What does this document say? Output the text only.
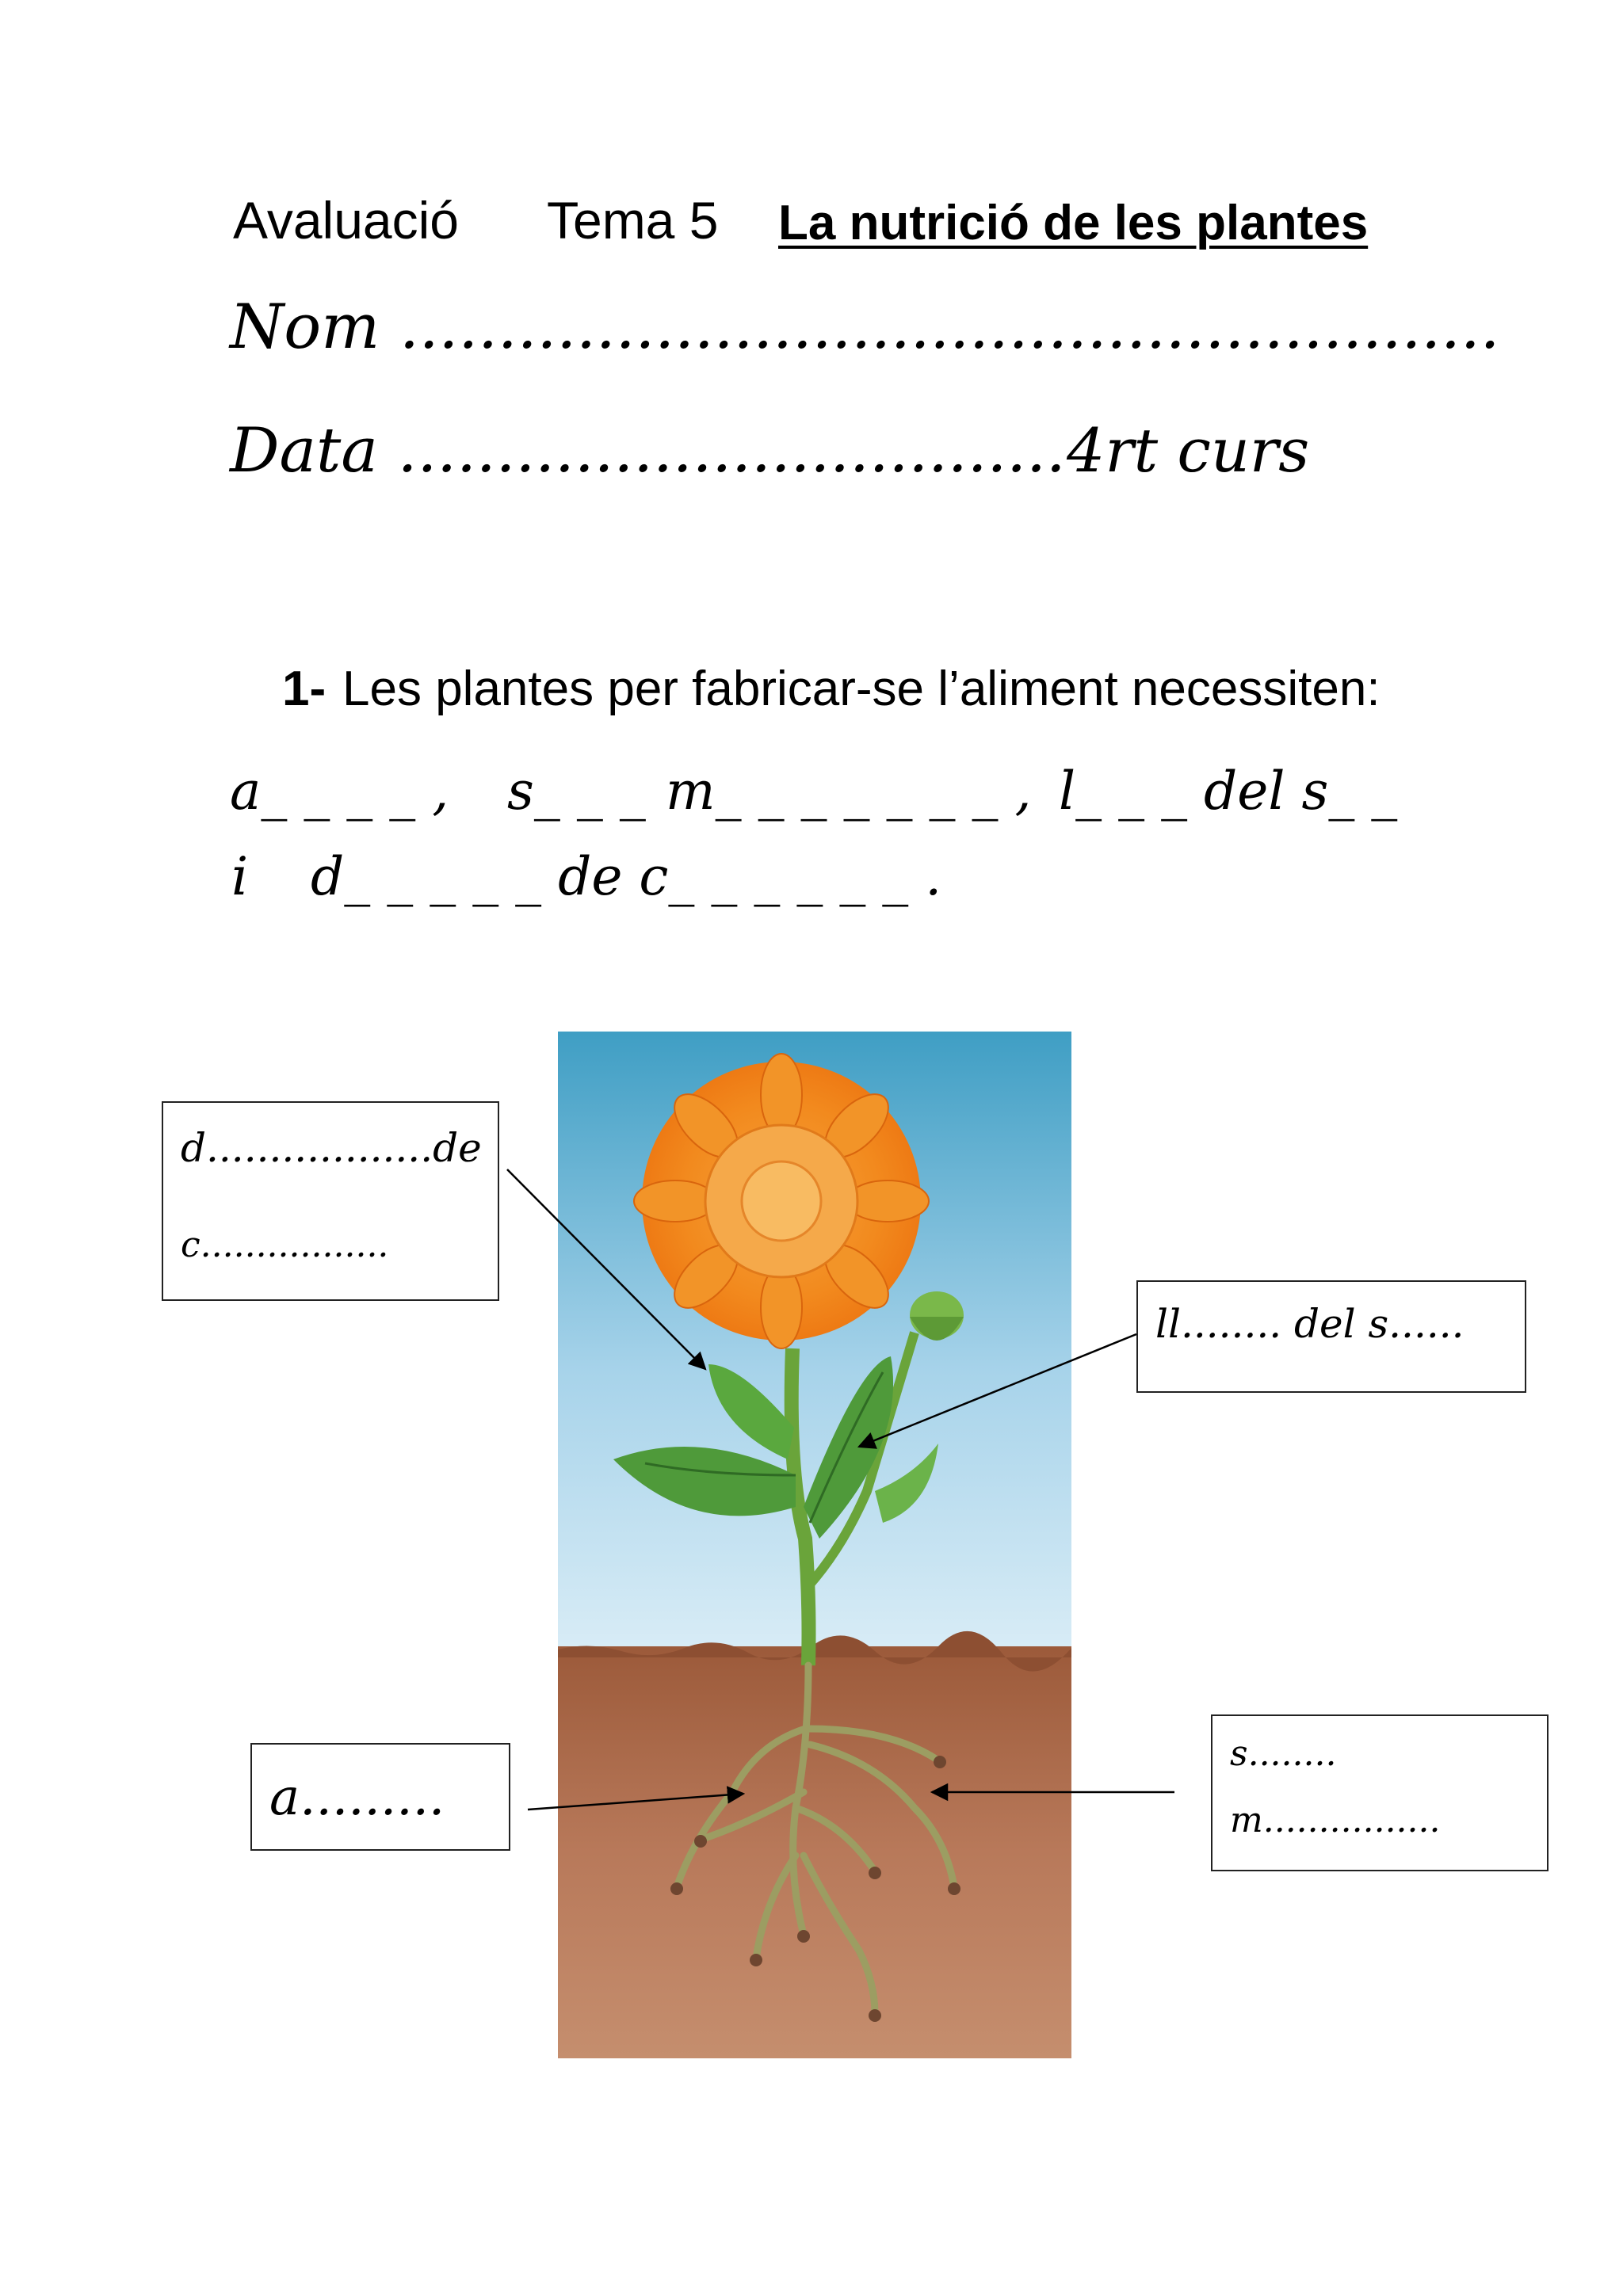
Avaluació Tema 5 La nutrició de les plantes
Nom ........................................................
Data .................................. 4rt curs
1- Les plantes per fabricar-se l’aliment necessiten:
a_ _ _ _ , s_ _ _ m_ _ _ _ _ _ _ , l_ _ _ del s_ _
i d_ _ _ _ _ de c_ _ _ _ _ _ .
d..................de
c.................
ll........ del s......
a.........
s........
m................
